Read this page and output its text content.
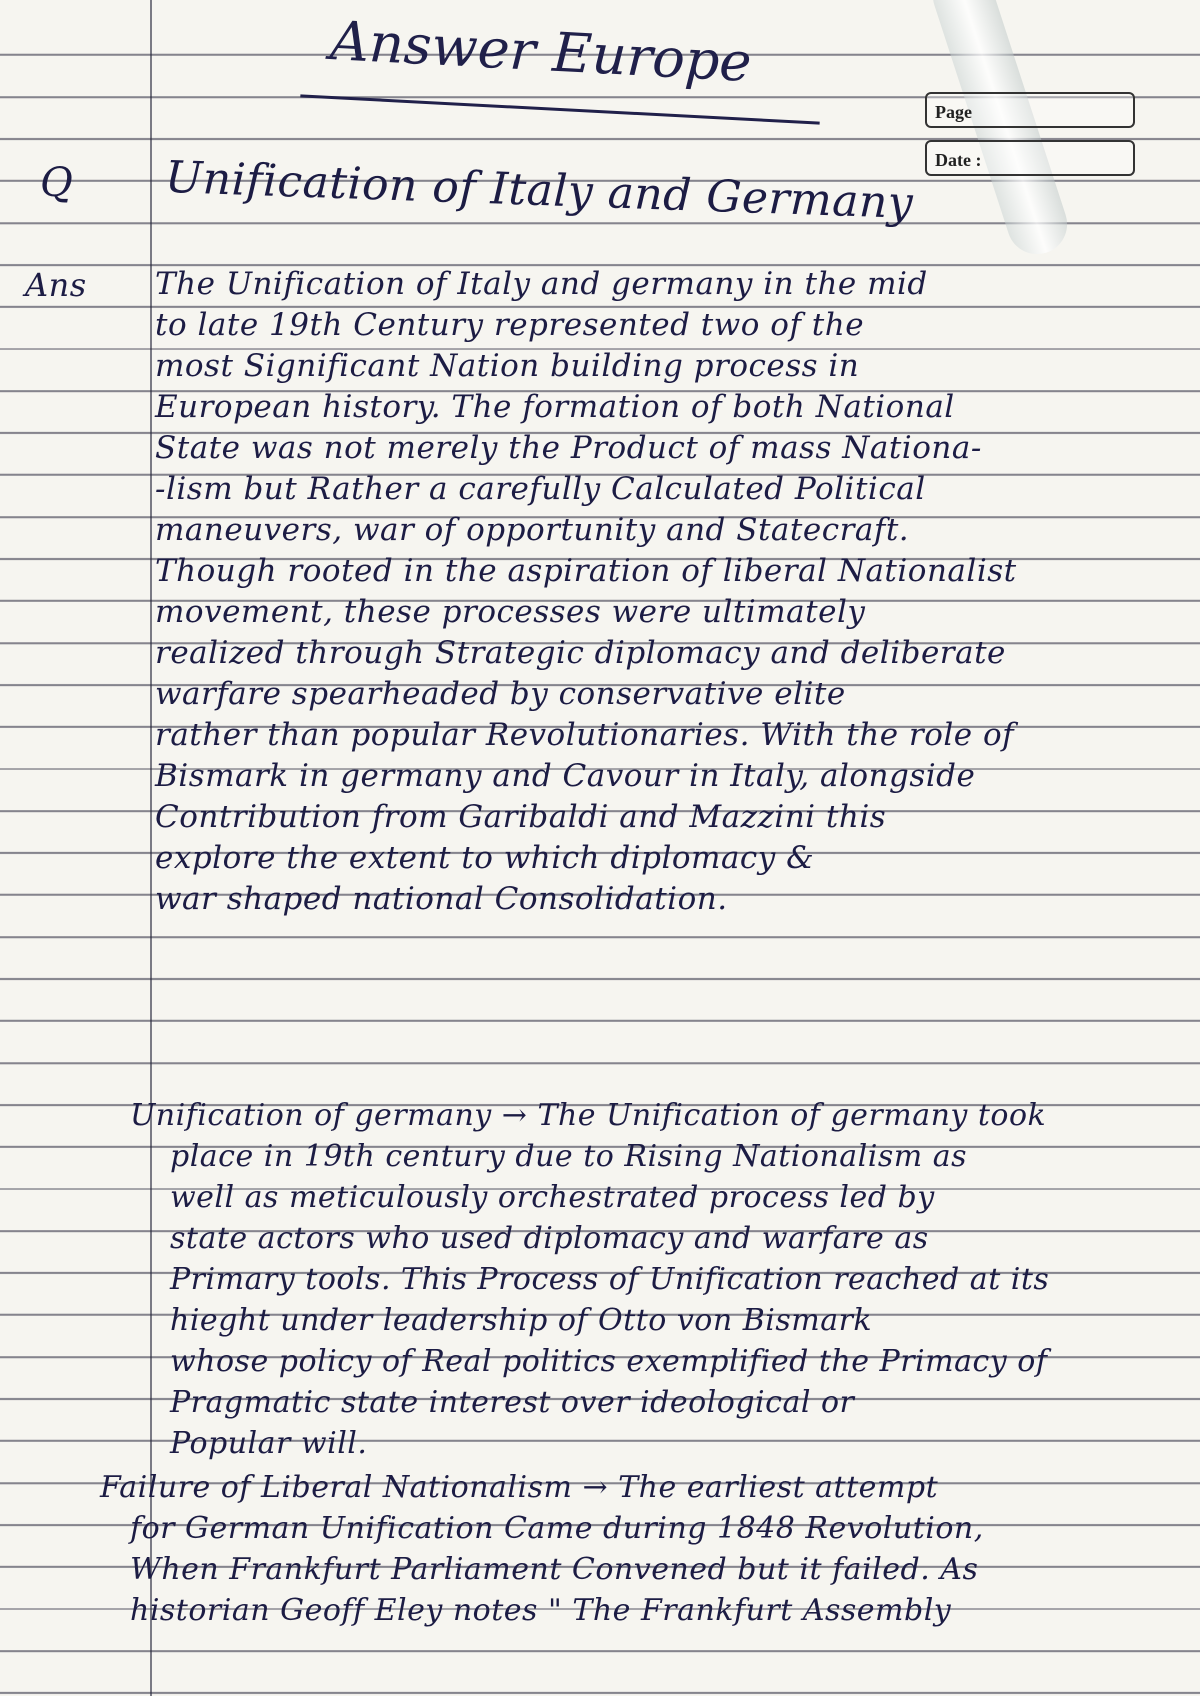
Answer Europe
Page
Date :
Q Unification of Italy and Germany
Ans The Unification of Italy and germany in the mid
to late 19th Century represented two of the
most Significant Nation building process in
European history. The formation of both National
State was not merely the Product of mass Nationa-
-lism but Rather a carefully Calculated Political
maneuvers, war of opportunity and Statecraft.
Though rooted in the aspiration of liberal Nationalist
movement, these processes were ultimately
realized through Strategic diplomacy and deliberate
warfare spearheaded by conservative elite
rather than popular Revolutionaries. With the role of
Bismark in germany and Cavour in Italy, alongside
Contribution from Garibaldi and Mazzini this
explore the extent to which diplomacy &
war shaped national Consolidation.
Unification of germany → The Unification of germany took
place in 19th century due to Rising Nationalism as
well as meticulously orchestrated process led by
state actors who used diplomacy and warfare as
Primary tools. This Process of Unification reached at its
hieght under leadership of Otto von Bismark
whose policy of Real politics exemplified the Primacy of
Pragmatic state interest over ideological or
Popular will.
Failure of Liberal Nationalism → The earliest attempt
for German Unification Came during 1848 Revolution,
When Frankfurt Parliament Convened but it failed. As
historian Geoff Eley notes " The Frankfurt Assembly
